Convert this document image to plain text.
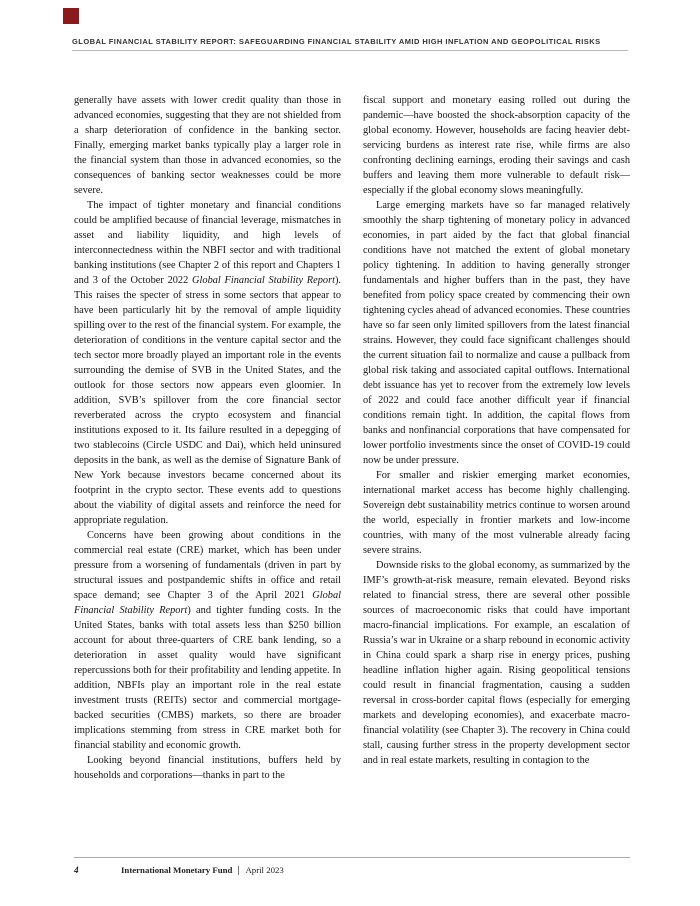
GLOBAL FINANCIAL STABILITY REPORT: SAFEGUARDING FINANCIAL STABILITY AMID HIGH INFLATION AND GEOPOLITICAL RISKS

generally have assets with lower credit quality than those in advanced economies, suggesting that they are not shielded from a sharp deterioration of confidence in the banking sector. Finally, emerging market banks typically play a larger role in the financial system than those in advanced economies, so the consequences of banking sector weaknesses could be more severe.

The impact of tighter monetary and financial conditions could be amplified because of financial leverage, mismatches in asset and liability liquidity, and high levels of interconnectedness within the NBFI sector and with traditional banking institutions (see Chapter 2 of this report and Chapters 1 and 3 of the October 2022 Global Financial Stability Report). This raises the specter of stress in some sectors that appear to have been particularly hit by the removal of ample liquidity spilling over to the rest of the financial system. For example, the deterioration of conditions in the venture capital sector and the tech sector more broadly played an important role in the events surrounding the demise of SVB in the United States, and the outlook for those sectors now appears even gloomier. In addition, SVB’s spillover from the core financial sector reverberated across the crypto ecosystem and financial institutions exposed to it. Its failure resulted in a depegging of two stablecoins (Circle USDC and Dai), which held uninsured deposits in the bank, as well as the demise of Signature Bank of New York because investors became concerned about its footprint in the crypto sector. These events add to questions about the viability of digital assets and reinforce the need for appropriate regulation.

Concerns have been growing about conditions in the commercial real estate (CRE) market, which has been under pressure from a worsening of fundamentals (driven in part by structural issues and postpandemic shifts in office and retail space demand; see Chapter 3 of the April 2021 Global Financial Stability Report) and tighter funding costs. In the United States, banks with total assets less than $250 billion account for about three-quarters of CRE bank lending, so a deterioration in asset quality would have significant repercussions both for their profitability and lending appetite. In addition, NBFIs play an important role in the real estate investment trusts (REITs) sector and commercial mortgage-backed securities (CMBS) markets, so there are broader implications stemming from stress in CRE market both for financial stability and economic growth.

Looking beyond financial institutions, buffers held by households and corporations—thanks in part to the

fiscal support and monetary easing rolled out during the pandemic—have boosted the shock-absorption capacity of the global economy. However, households are facing heavier debt-servicing burdens as interest rate rise, while firms are also confronting declining earnings, eroding their savings and cash buffers and leaving them more vulnerable to default risk—especially if the global economy slows meaningfully.

Large emerging markets have so far managed relatively smoothly the sharp tightening of monetary policy in advanced economies, in part aided by the fact that global financial conditions have not matched the extent of global monetary policy tightening. In addition to having generally stronger fundamentals and higher buffers than in the past, they have benefited from policy space created by commencing their own tightening cycles ahead of advanced economies. These countries have so far seen only limited spillovers from the latest financial strains. However, they could face significant challenges should the current situation fail to normalize and cause a pullback from global risk taking and associated capital outflows. International debt issuance has yet to recover from the extremely low levels of 2022 and could face another difficult year if financial conditions remain tight. In addition, the capital flows from banks and nonfinancial corporations that have compensated for lower portfolio investments since the onset of COVID-19 could now be under pressure.

For smaller and riskier emerging market economies, international market access has become highly challenging. Sovereign debt sustainability metrics continue to worsen around the world, especially in frontier markets and low-income countries, with many of the most vulnerable already facing severe strains.

Downside risks to the global economy, as summarized by the IMF’s growth-at-risk measure, remain elevated. Beyond risks related to financial stress, there are several other possible sources of macroeconomic risks that could have important macro-financial implications. For example, an escalation of Russia’s war in Ukraine or a sharp rebound in economic activity in China could spark a sharp rise in energy prices, pushing headline inflation higher again. Rising geopolitical tensions could result in financial fragmentation, causing a sudden reversal in cross-border capital flows (especially for emerging markets and developing economies), and exacerbate macro-financial volatility (see Chapter 3). The recovery in China could stall, causing further stress in the property development sector and in real estate markets, resulting in contagion to the

4	International Monetary Fund April 2023
